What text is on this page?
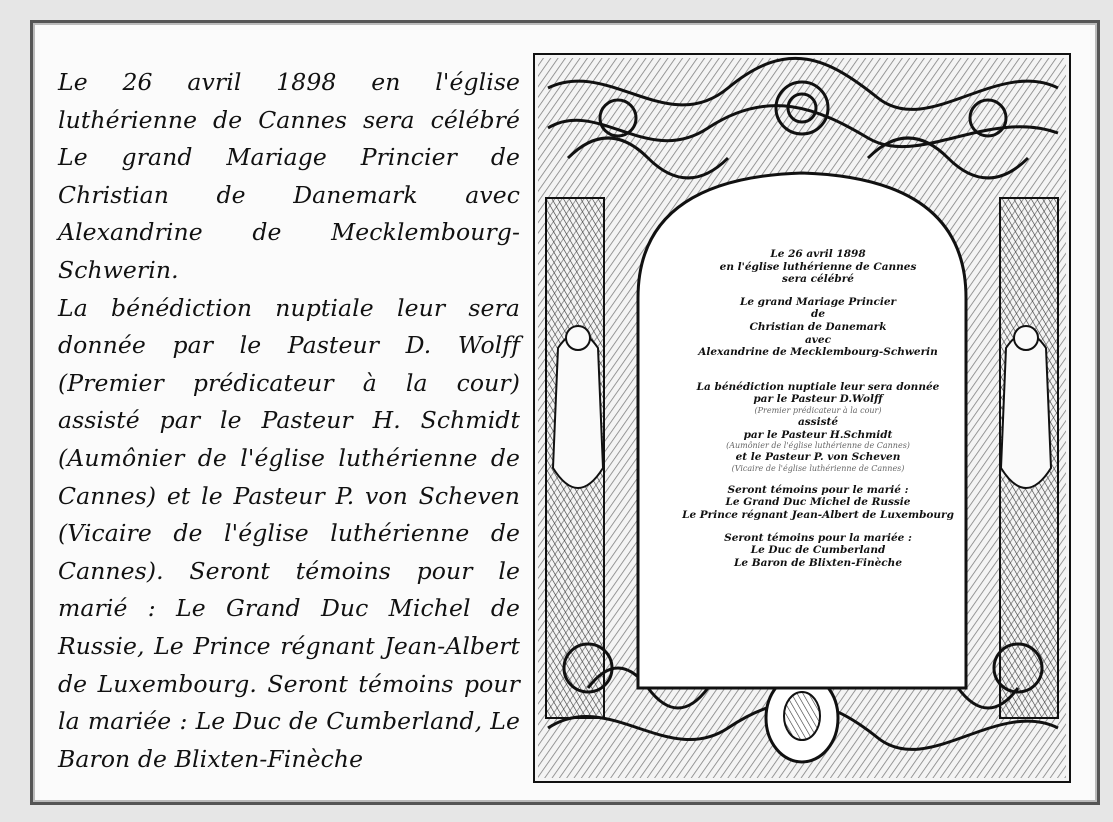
Le 26 avril 1898 en l'église luthérienne de Cannes sera célébré Le grand Mariage Princier de Christian de Danemark avec Alexandrine de Mecklembourg-Schwerin.

La bénédiction nuptiale leur sera donnée par le Pasteur D. Wolff (Premier prédicateur à la cour) assisté par le Pasteur H. Schmidt (Aumônier de l'église luthérienne de Cannes) et le Pasteur P. von Scheven (Vicaire de l'église luthérienne de Cannes). Seront témoins pour le marié : Le Grand Duc Michel de Russie, Le Prince régnant Jean-Albert de Luxembourg. Seront témoins pour la mariée : Le Duc de Cumberland, Le Baron de Blixten-Finèche

Le 26 avril 1898
en l'église luthérienne de Cannes
sera célébré
Le grand Mariage Princier
de
Christian de Danemark
avec
Alexandrine de Mecklembourg-Schwerin
La bénédiction nuptiale leur sera donnée
par le Pasteur D.Wolff
(Premier prédicateur à la cour)
assisté
par le Pasteur H.Schmidt
(Aumônier de l'église luthérienne de Cannes)
et le Pasteur P. von Scheven
(Vicaire de l'église luthérienne de Cannes)
Seront témoins pour le marié :
Le Grand Duc Michel de Russie
Le Prince régnant Jean-Albert de Luxembourg
Seront témoins pour la mariée :
Le Duc de Cumberland
Le Baron de Blixten-Finèche
